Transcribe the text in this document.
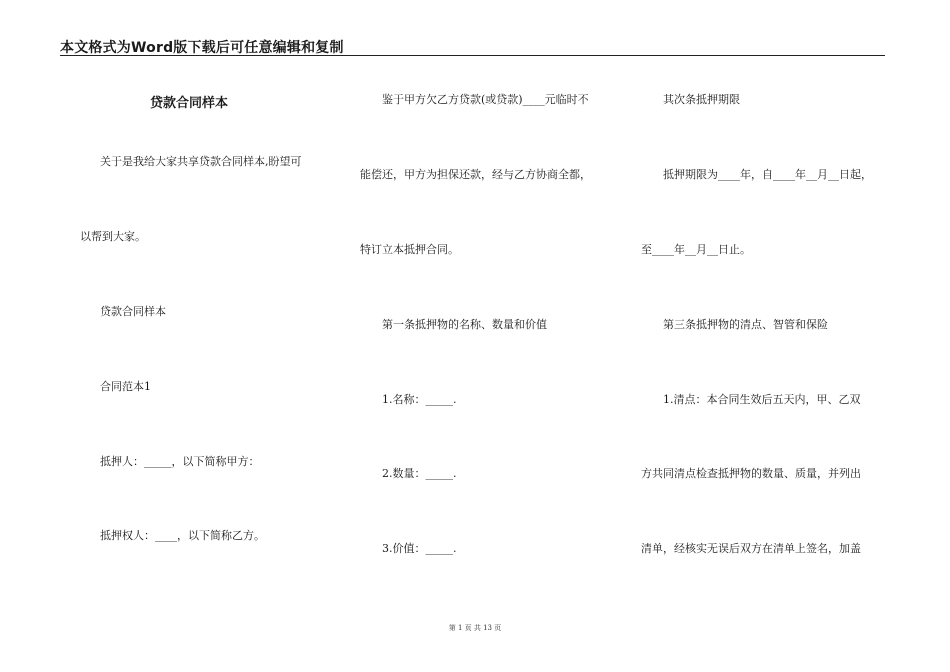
本文格式为Word版下载后可任意编辑和复制
贷款合同样本
关于是我给大家共享贷款合同样本,盼望可
以帮到大家。
贷款合同样本
合同范本1
抵押人：_____，以下简称甲方：
抵押权人：____，以下简称乙方。
鉴于甲方欠乙方贷款(或贷款)____元临时不
能偿还，甲方为担保还款，经与乙方协商全都，
特订立本抵押合同。
第一条抵押物的名称、数量和价值
1.名称：_____.
2.数量：_____.
3.价值：_____.
其次条抵押期限
抵押期限为____年，自____年__月__日起，
至____年__月__日止。
第三条抵押物的清点、智管和保险
1.清点：本合同生效后五天内，甲、乙双
方共同清点检查抵押物的数量、质量，并列出
清单，经核实无误后双方在清单上签名，加盖
第 1 页 共 13 页
